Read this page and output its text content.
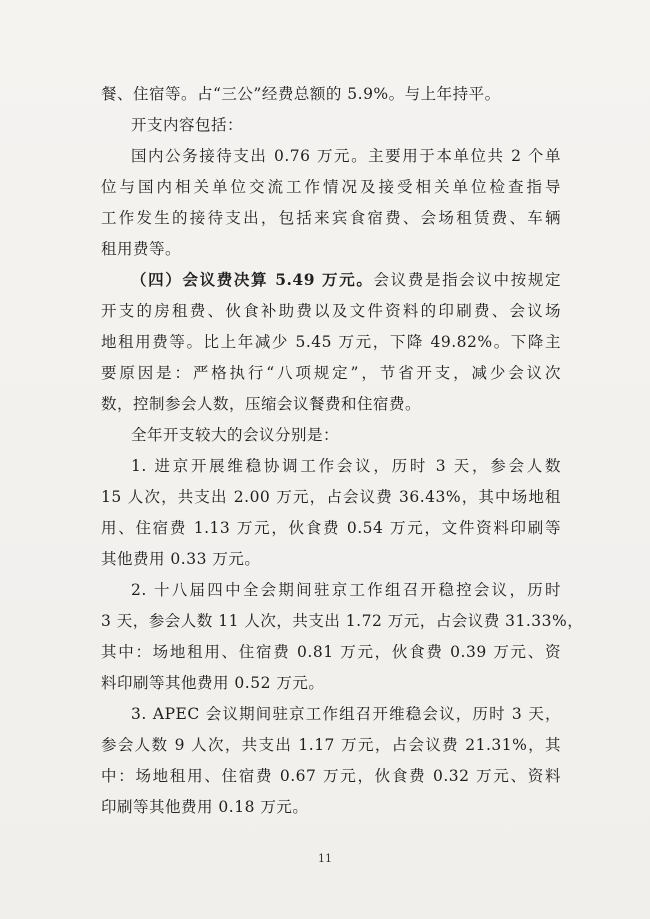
餐、住宿等。占“三公”经费总额的 5.9%。与上年持平。
开支内容包括：
国内公务接待支出 0.76 万元。主要用于本单位共 2 个单
位与国内相关单位交流工作情况及接受相关单位检查指导
工作发生的接待支出，包括来宾食宿费、会场租赁费、车辆
租用费等。
（四）会议费决算 5.49 万元。会议费是指会议中按规定
开支的房租费、伙食补助费以及文件资料的印刷费、会议场
地租用费等。比上年减少 5.45 万元，下降 49.82%。下降主
要原因是：严格执行“八项规定”，节省开支，减少会议次
数，控制参会人数，压缩会议餐费和住宿费。
全年开支较大的会议分别是：
1. 进京开展维稳协调工作会议，历时 3 天，参会人数
15 人次，共支出 2.00 万元，占会议费 36.43%，其中场地租
用、住宿费 1.13 万元，伙食费 0.54 万元，文件资料印刷等
其他费用 0.33 万元。
2. 十八届四中全会期间驻京工作组召开稳控会议，历时
3 天，参会人数 11 人次，共支出 1.72 万元，占会议费 31.33%，
其中：场地租用、住宿费 0.81 万元，伙食费 0.39 万元、资
料印刷等其他费用 0.52 万元。
3. APEC 会议期间驻京工作组召开维稳会议，历时 3 天，
参会人数 9 人次，共支出 1.17 万元，占会议费 21.31%，其
中：场地租用、住宿费 0.67 万元，伙食费 0.32 万元、资料
印刷等其他费用 0.18 万元。
11
